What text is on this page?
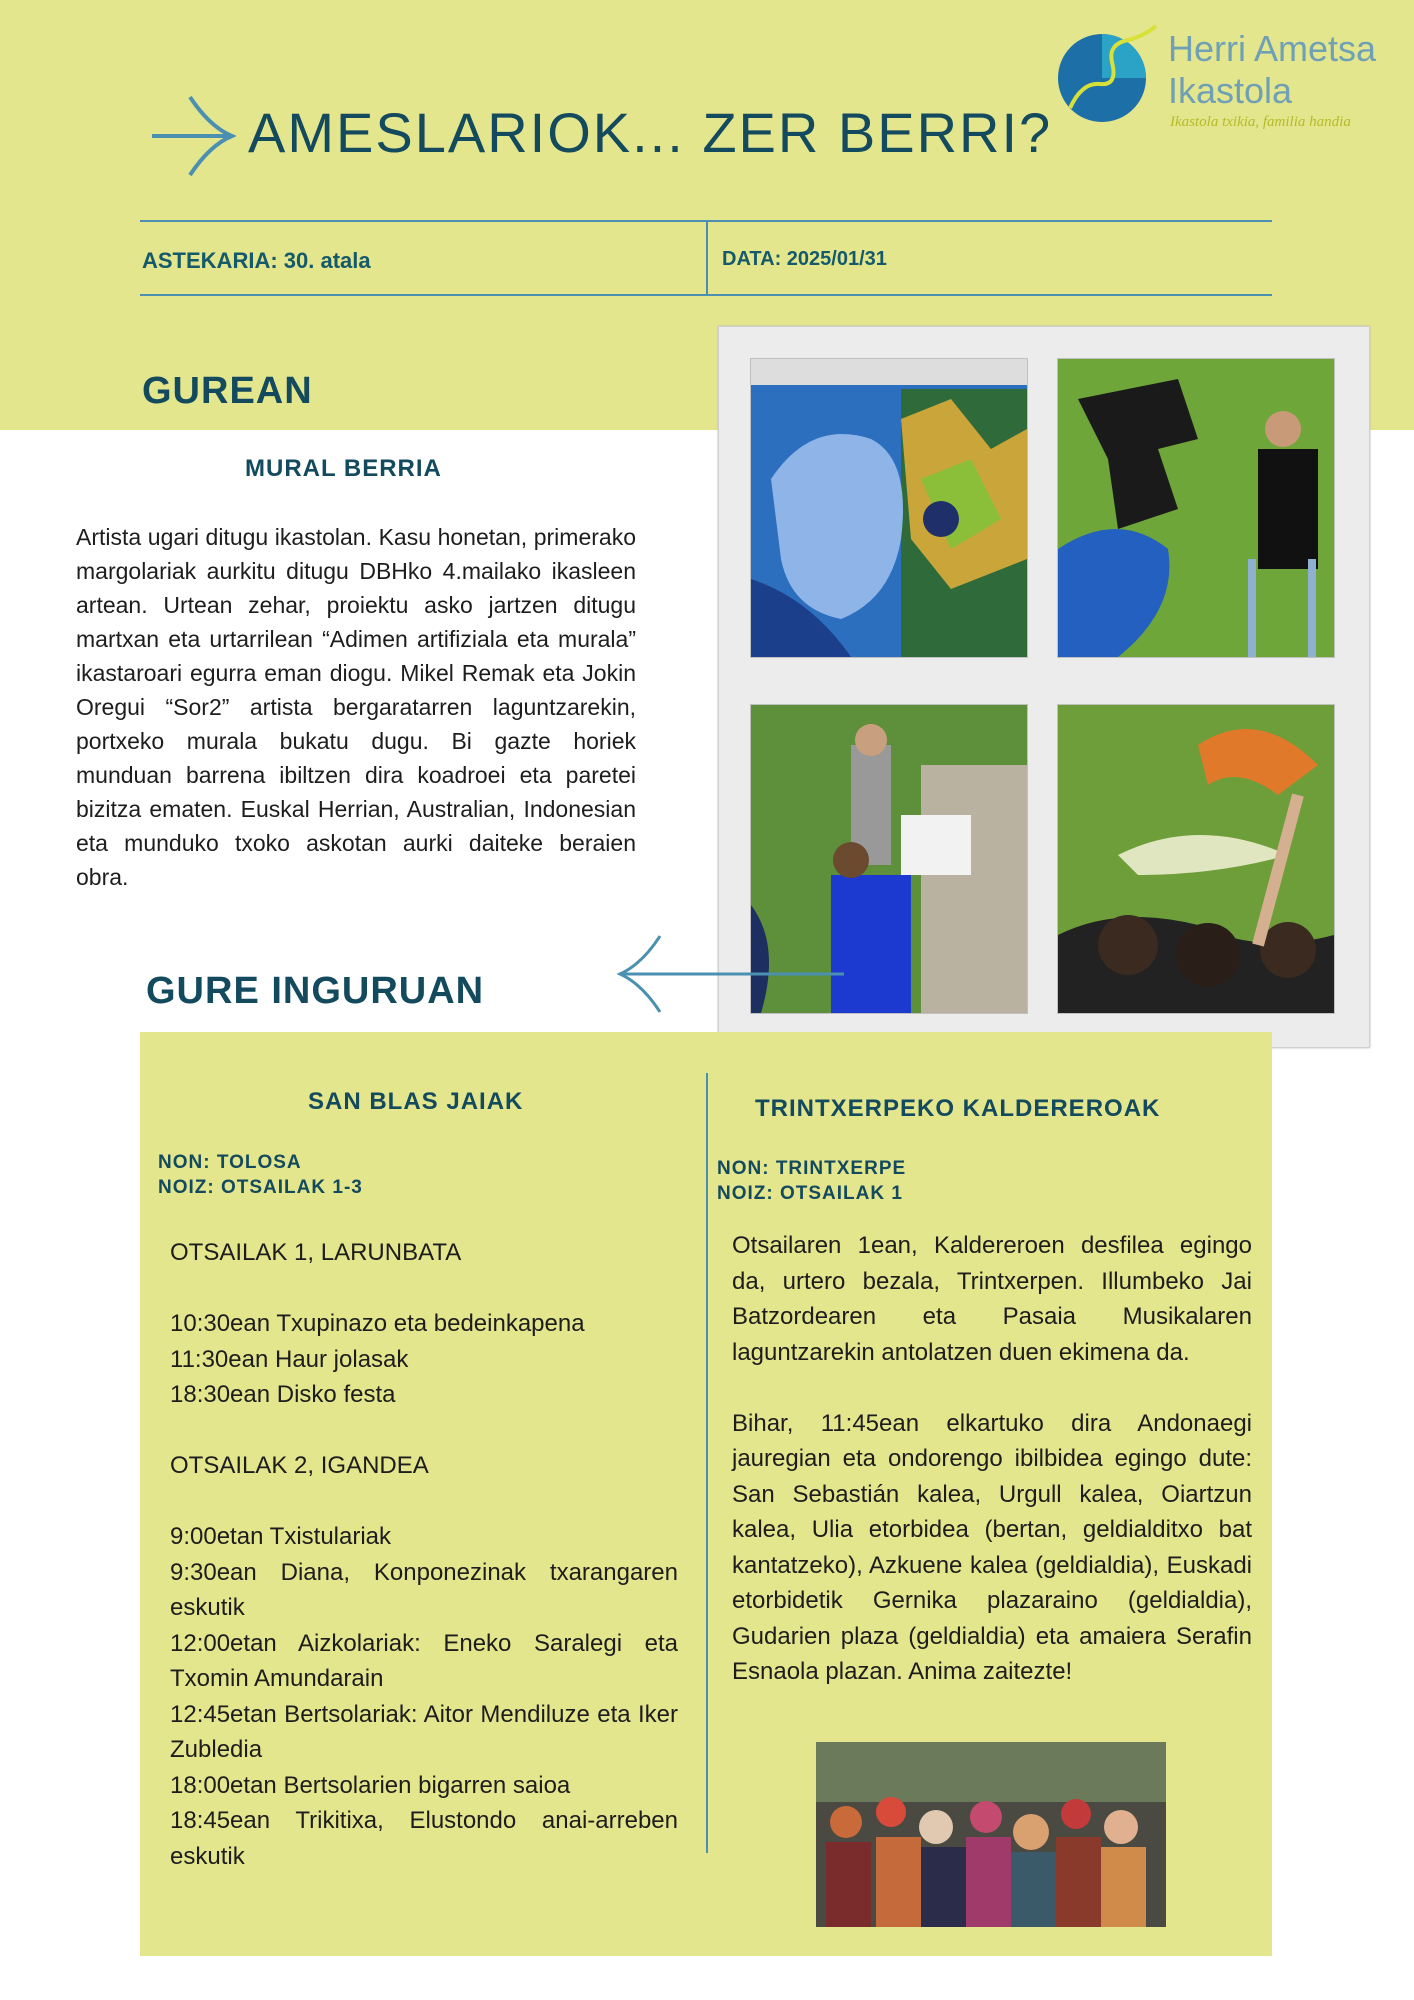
AMESLARIOK... ZER BERRI?
Herri Ametsa
Ikastola
Ikastola txikia, familia handia
ASTEKARIA: 30. atala	DATA: 2025/01/31
GUREAN
MURAL BERRIA
Artista ugari ditugu ikastolan. Kasu honetan, primerako margolariak aurkitu ditugu DBHko 4.mailako ikasleen artean. Urtean zehar, proiektu asko jartzen ditugu martxan eta urtarrilean “Adimen artifiziala eta murala” ikastaroari egurra eman diogu. Mikel Remak eta Jokin Oregui “Sor2” artista bergaratarren laguntzarekin, portxeko murala bukatu dugu. Bi gazte horiek munduan barrena ibiltzen dira koadroei eta paretei bizitza ematen. Euskal Herrian, Australian, Indonesian eta munduko txoko askotan aurki daiteke beraien obra.
GURE INGURUAN
SAN BLAS JAIAK
NON: TOLOSA
NOIZ: OTSAILAK 1-3
OTSAILAK 1, LARUNBATA
10:30ean Txupinazo eta bedeinkapena
11:30ean Haur jolasak
18:30ean Disko festa
OTSAILAK 2, IGANDEA
9:00etan Txistulariak
9:30ean Diana, Konponezinak txarangaren eskutik
12:00etan Aizkolariak: Eneko Saralegi eta Txomin Amundarain
12:45etan Bertsolariak: Aitor Mendiluze eta Iker Zubledia
18:00etan Bertsolarien bigarren saioa
18:45ean Trikitixa, Elustondo anai-arreben eskutik
TRINTXERPEKO KALDEREROAK
NON: TRINTXERPE
NOIZ: OTSAILAK 1

Otsailaren 1ean, Kaldereroen desfilea egingo da, urtero bezala, Trintxerpen. Illumbeko Jai Batzordearen eta Pasaia Musikalaren laguntzarekin antolatzen duen ekimena da.

Bihar, 11:45ean elkartuko dira Andonaegi jauregian eta ondorengo ibilbidea egingo dute: San Sebastián kalea, Urgull kalea, Oiartzun kalea, Ulia etorbidea (bertan, geldialditxo bat kantatzeko), Azkuene kalea (geldialdia), Euskadi etorbidetik Gernika plazaraino (geldialdia), Gudarien plaza (geldialdia) eta amaiera Serafin Esnaola plazan. Anima zaitezte!
